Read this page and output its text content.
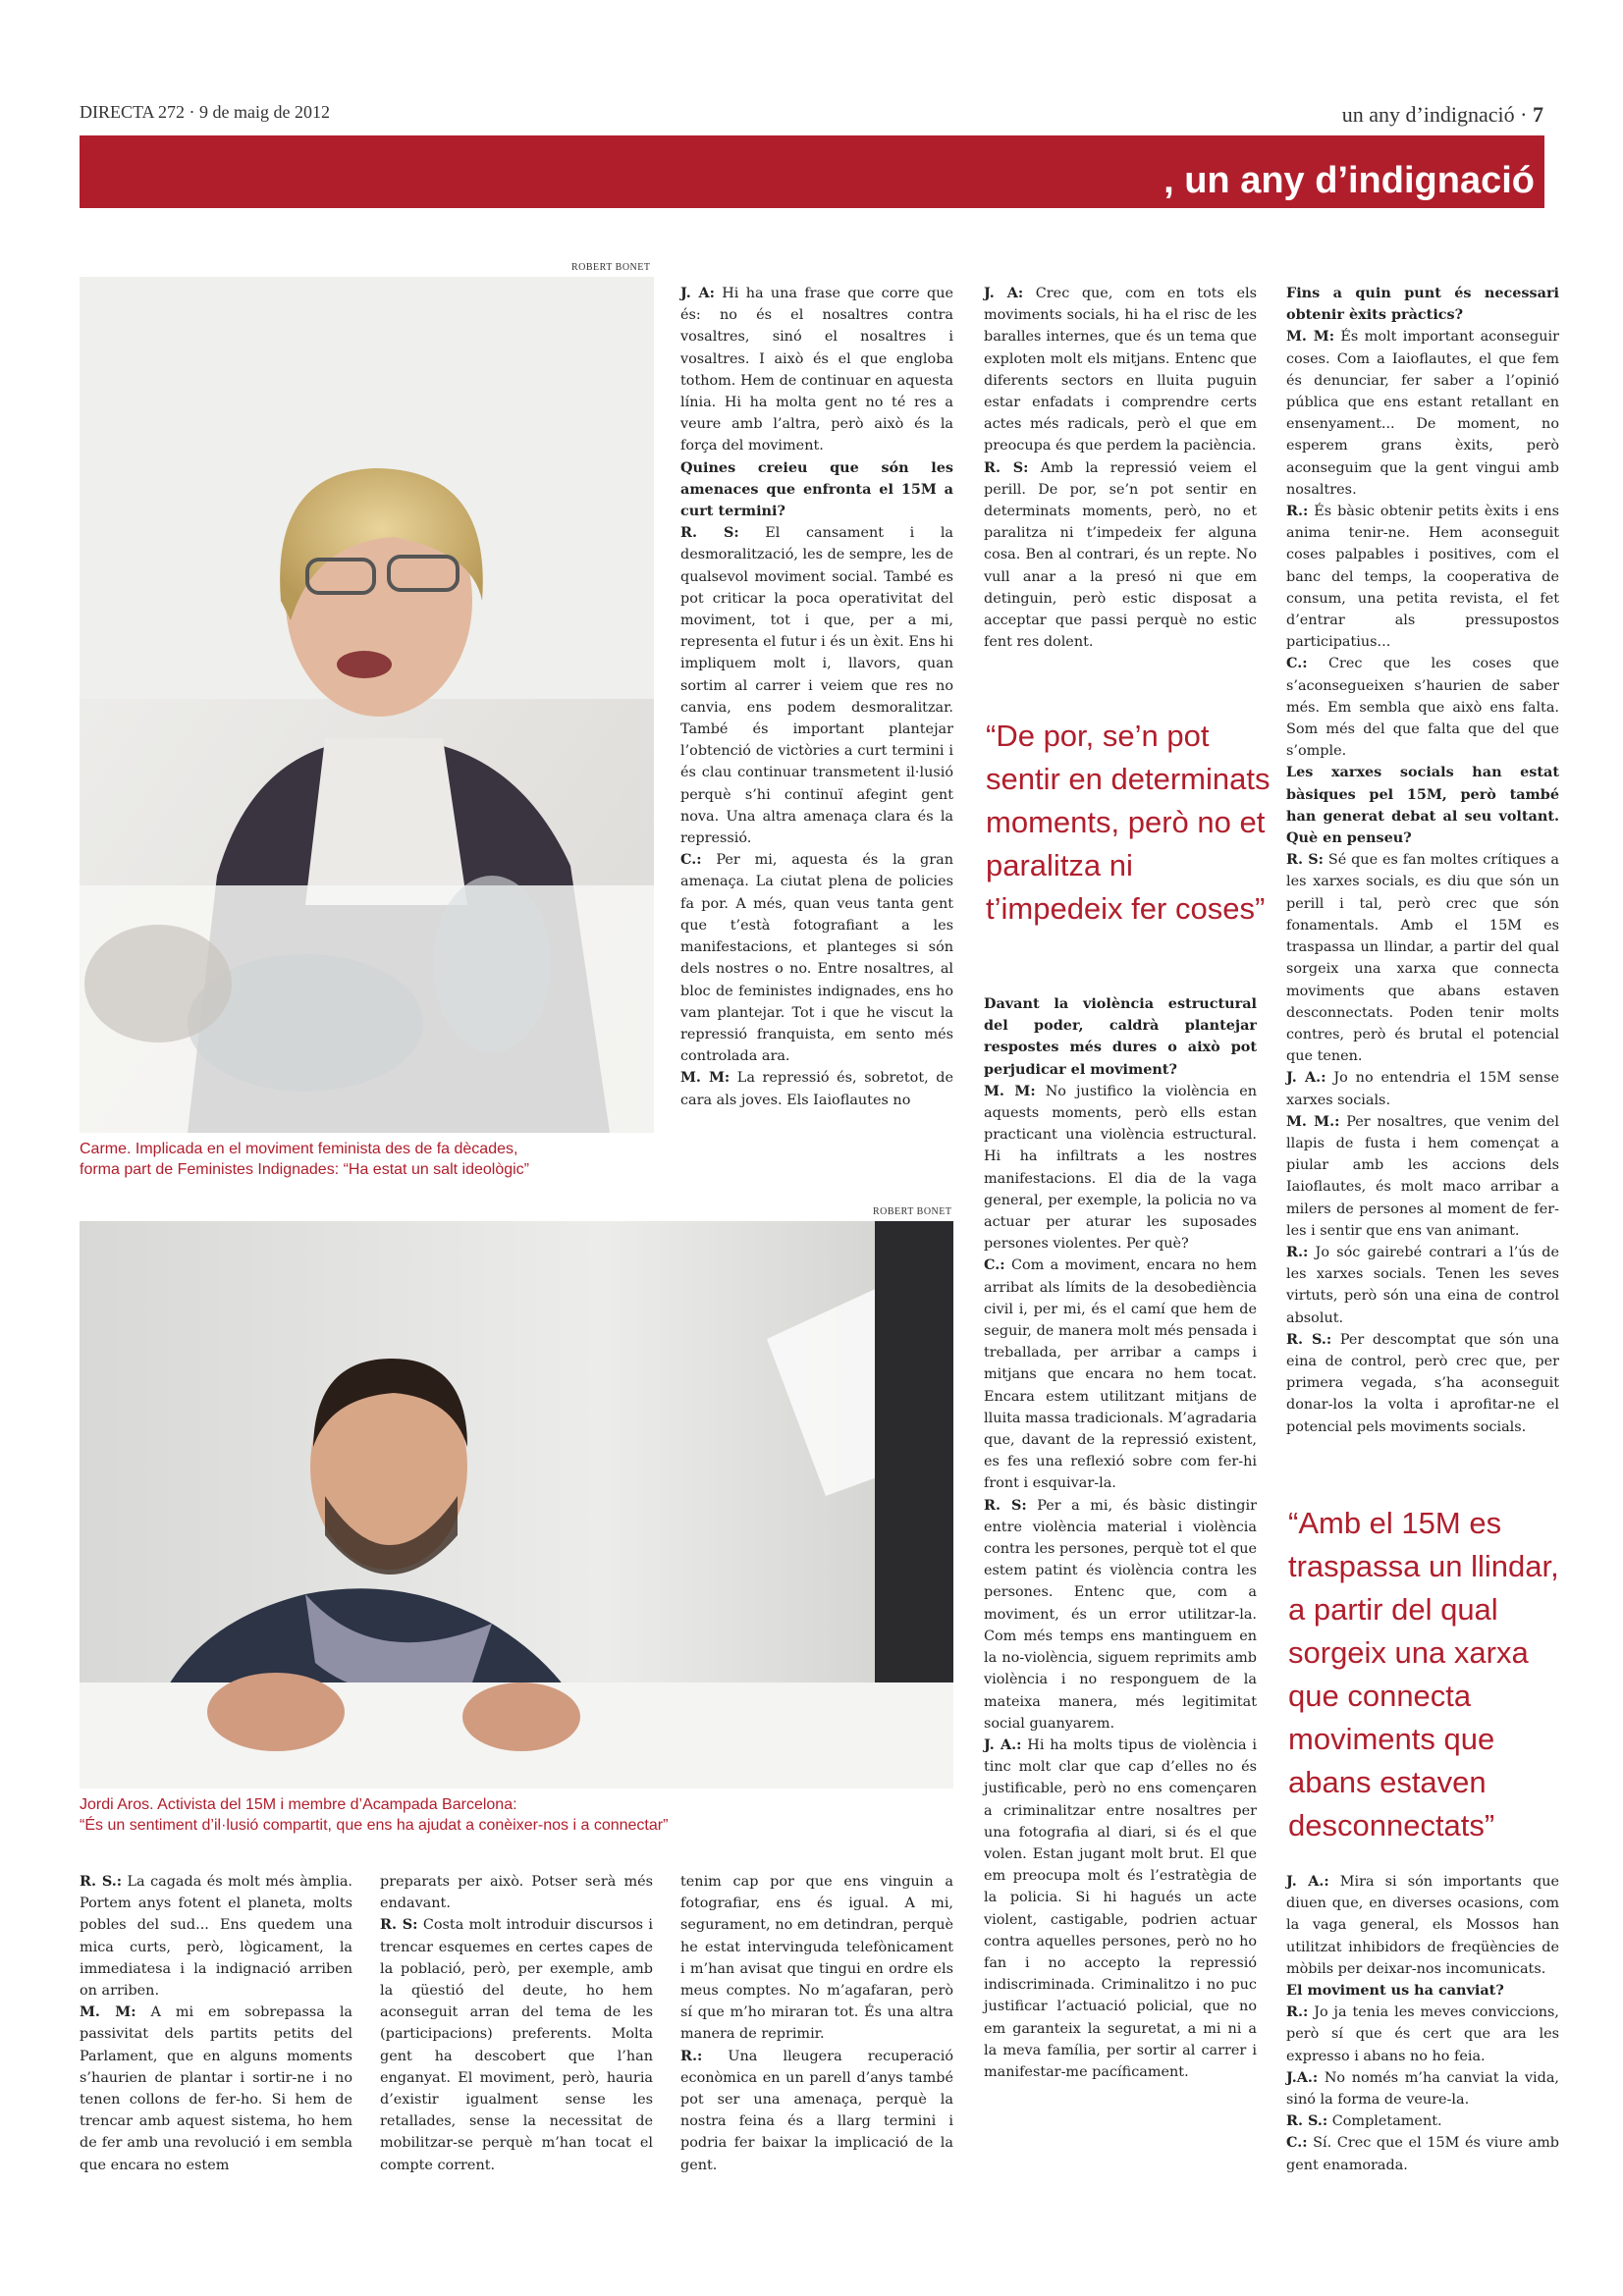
DIRECTA 272 · 9 de maig de 2012	un any d’indignació · 7
, un any d’indignació
ROBERT BONET
Carme. Implicada en el moviment feminista des de fa dècades,
forma part de Feministes Indignades: “Ha estat un salt ideològic”
ROBERT BONET
Jordi Aros. Activista del 15M i membre d’Acampada Barcelona:
“És un sentiment d’il·lusió compartit, que ens ha ajudat a conèixer-nos i a connectar”

J. A: Hi ha una frase que corre que és: no és el nosaltres contra vosaltres, sinó el nosaltres i vosaltres. I això és el que engloba tothom. Hem de continuar en aquesta línia. Hi ha molta gent no té res a veure amb l’altra, però això és la força del moviment.

Quines creieu que són les amenaces que enfronta el 15M a curt termini?

R. S: El cansament i la desmoralització, les de sempre, les de qualsevol moviment social. També es pot criticar la poca operativitat del moviment, tot i que, per a mi, representa el futur i és un èxit. Ens hi impliquem molt i, llavors, quan sortim al carrer i veiem que res no canvia, ens podem desmoralitzar. També és important plantejar l’obtenció de victòries a curt termini i és clau continuar transmetent il·lusió perquè s’hi continuï afegint gent nova. Una altra amenaça clara és la repressió.

C.: Per mi, aquesta és la gran amenaça. La ciutat plena de policies fa por. A més, quan veus tanta gent que t’està fotografiant a les manifestacions, et planteges si són dels nostres o no. Entre nosaltres, al bloc de feministes indignades, ens ho vam plantejar. Tot i que he viscut la repressió franquista, em sento més controlada ara.

M. M: La repressió és, sobretot, de cara als joves. Els Iaioflautes no

J. A: Crec que, com en tots els moviments socials, hi ha el risc de les baralles internes, que és un tema que exploten molt els mitjans. Entenc que diferents sectors en lluita puguin estar enfadats i comprendre certs actes més radicals, però el que em preocupa és que perdem la paciència.

R. S: Amb la repressió veiem el perill. De por, se’n pot sentir en determinats moments, però, no et paralitza ni t’impedeix fer alguna cosa. Ben al contrari, és un repte. No vull anar a la presó ni que em detinguin, però estic disposat a acceptar que passi perquè no estic fent res dolent.

“De por, se’n pot sentir en determinats moments, però no et paralitza ni t’impedeix fer coses”

Davant la violència estructural del poder, caldrà plantejar respostes més dures o això pot perjudicar el moviment?

M. M: No justifico la violència en aquests moments, però ells estan practicant una violència estructural. Hi ha infiltrats a les nostres manifestacions. El dia de la vaga general, per exemple, la policia no va actuar per aturar les suposades persones violentes. Per què?

C.: Com a moviment, encara no hem arribat als límits de la desobediència civil i, per mi, és el camí que hem de seguir, de manera molt més pensada i treballada, per arribar a camps i mitjans que encara no hem tocat. Encara estem utilitzant mitjans de lluita massa tradicionals. M’agradaria que, davant de la repressió existent, es fes una reflexió sobre com fer-hi front i esquivar-la.

R. S: Per a mi, és bàsic distingir entre violència material i violència contra les persones, perquè tot el que estem patint és violència contra les persones. Entenc que, com a moviment, és un error utilitzar-la. Com més temps ens mantinguem en la no-violència, siguem reprimits amb violència i no responguem de la mateixa manera, més legitimitat social guanyarem.

J. A.: Hi ha molts tipus de violència i tinc molt clar que cap d’elles no és justificable, però no ens començaren a criminalitzar entre nosaltres per una fotografia al diari, si és el que volen. Estan jugant molt brut. El que em preocupa molt és l’estratègia de la policia. Si hi hagués un acte violent, castigable, podrien actuar contra aquelles persones, però no ho fan i no accepto la repressió indiscriminada. Criminalitzo i no puc justificar l’actuació policial, que no em garanteix la seguretat, a mi ni a la meva família, per sortir al carrer i manifestar-me pacíficament.

Fins a quin punt és necessari obtenir èxits pràctics?

M. M: És molt important aconseguir coses. Com a Iaioflautes, el que fem és denunciar, fer saber a l’opinió pública que ens estant retallant en ensenyament... De moment, no esperem grans èxits, però aconseguim que la gent vingui amb nosaltres.

R.: És bàsic obtenir petits èxits i ens anima tenir-ne. Hem aconseguit coses palpables i positives, com el banc del temps, la cooperativa de consum, una petita revista, el fet d’entrar als pressupostos participatius...

C.: Crec que les coses que s’aconsegueixen s’haurien de saber més. Em sembla que això ens falta. Som més del que falta que del que s’omple.

Les xarxes socials han estat bàsiques pel 15M, però també han generat debat al seu voltant. Què en penseu?

R. S: Sé que es fan moltes crítiques a les xarxes socials, es diu que són un perill i tal, però crec que són fonamentals. Amb el 15M es traspassa un llindar, a partir del qual sorgeix una xarxa que connecta moviments que abans estaven desconnectats. Poden tenir molts contres, però és brutal el potencial que tenen.

J. A.: Jo no entendria el 15M sense xarxes socials.

M. M.: Per nosaltres, que venim del llapis de fusta i hem començat a piular amb les accions dels Iaioflautes, és molt maco arribar a milers de persones al moment de fer-les i sentir que ens van animant.

R.: Jo sóc gairebé contrari a l’ús de les xarxes socials. Tenen les seves virtuts, però són una eina de control absolut.

R. S.: Per descomptat que són una eina de control, però crec que, per primera vegada, s’ha aconseguit donar-los la volta i aprofitar-ne el potencial pels moviments socials.

“Amb el 15M es traspassa un llindar, a partir del qual sorgeix una xarxa que connecta moviments que abans estaven desconnectats”

J. A.: Mira si són importants que diuen que, en diverses ocasions, com la vaga general, els Mossos han utilitzat inhibidors de freqüències de mòbils per deixar-nos incomunicats.

El moviment us ha canviat?

R.: Jo ja tenia les meves conviccions, però sí que és cert que ara les expresso i abans no ho feia.

J.A.: No només m’ha canviat la vida, sinó la forma de veure-la.

R. S.: Completament.

C.: Sí. Crec que el 15M és viure amb gent enamorada.

R. S.: La cagada és molt més àmplia. Portem anys fotent el planeta, molts pobles del sud... Ens quedem una mica curts, però, lògicament, la immediatesa i la indignació arriben on arriben.

M. M: A mi em sobrepassa la passivitat dels partits petits del Parlament, que en alguns moments s’haurien de plantar i sortir-ne i no tenen collons de fer-ho. Si hem de trencar amb aquest sistema, ho hem de fer amb una revolució i em sembla que encara no estem

preparats per això. Potser serà més endavant.

R. S: Costa molt introduir discursos i trencar esquemes en certes capes de la població, però, per exemple, amb la qüestió del deute, ho hem aconseguit arran del tema de les (participacions) preferents. Molta gent ha descobert que l’han enganyat. El moviment, però, hauria d’existir igualment sense les retallades, sense la necessitat de mobilitzar-se perquè m’han tocat el compte corrent.

tenim cap por que ens vinguin a fotografiar, ens és igual. A mi, segurament, no em detindran, perquè he estat intervinguda telefònicament i m’han avisat que tingui en ordre els meus comptes. No m’agafaran, però sí que m’ho miraran tot. És una altra manera de reprimir.

R.: Una lleugera recuperació econòmica en un parell d’anys també pot ser una amenaça, perquè la nostra feina és a llarg termini i podria fer baixar la implicació de la gent.
